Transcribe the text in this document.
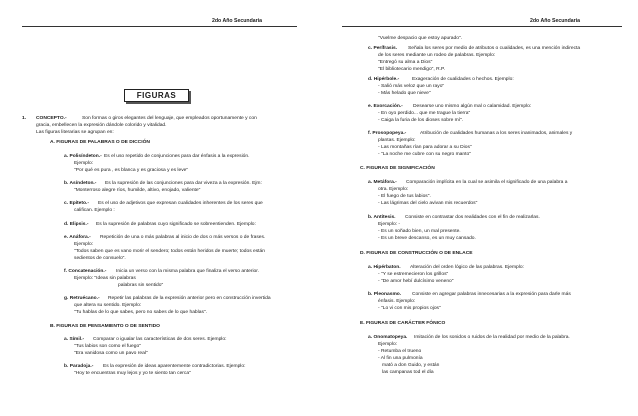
2do Año Secundaria
FIGURAS
1. CONCEPTO.-	Son formas o giros elegantes del lenguaje, que empleados oportunamente y con
gracia, embellecen la expresión dándole colorido y vitalidad.
Las figuras literarias se agrupan en:
A. FIGURAS DE PALABRAS O DE DICCIÓN
a. Polisíndeton.- Es el uso repetido de conjunciones para dar énfasis a la expresión.
Ejemplo:
"Por qué es pura , es blanca y es graciosa y es leve"
b. Asíndeton.- Es la supresión de las conjunciones para dar viveza a la expresión. Ejm:
"Monterroso alegre ríos, humilde, altivo, enojado, valiente"
c. Epíteto.- Es el uso de adjetivos que expresan cualidades inherentes de los seres que
califican. Ejemplo :
d. Elipsis.- Es la supresión de palabras cuyo significado se sobreentienden. Ejemplo:
e. Anáfora.- Repetición de una o más palabras al inicio de dos o más versos o de frases.
Ejemplo:
"Todos saben que es vano morir el sendero; todos están heridos de muerte; todos están
sedientos de consuelo".
f. Concatenación.- Inicia un verso con la misma palabra que finaliza el verso anterior.
Ejemplo: "Ideas sin palabras
palabras sin sentido"
g. Retruécano.- Repetir las palabras de la expresión anterior pero en construcción invertida
que altera su sentido. Ejemplo:
"Tu hablas de lo que sabes, pero no sabes de lo que hablas".
B. FIGURAS DE PENSAMIENTO O DE SENTIDO
a. Símil.- Comparar o igualar las características de dos seres. Ejemplo:
"Tus labios son como el fuego"
"Era vanidosa como un pavo real"
b. Paradoja.- Es la expresión de ideas aparentemente contradictorias. Ejemplo:
"Hoy te encuentras muy lejos y yo te siento tan cerca"
2do Año Secundaria
"Vuelme despacio que estoy apurado".
c. Perífrasis. Señala los seres por medio de atributos o cualidades, es una mención indirecta
de los seres mediante un rodeo de palabras. Ejemplo:
"Entregó su alma a Dios"
"El bibliotecario mendigo", R.P.
d. Hipérbole.-	Exageración de cualidades o hechos. Ejemplo:
- Salió más veloz que un rayo"
- Más helado que nieve"
e. Exorcación.- Desearse uno mismo algún mal o calamidad. Ejemplo:
- En oyo perdido... que me trague la tierra"
- Caiga la furia de los dioses sobre mí".
f. Prosopopeya.-	Atribución de cualidades humanas a los seres inanimados, animales y
plantas. Ejemplo:
- Las montañas rían para adorar a su Dios"
- "La noche me cubre con su negro manto"
C. FIGURAS DE SIGNIFICACIÓN
a. Metáfora.- Comparación implícita en la cual se asimila el significado de una palabra a
otra. Ejemplo:
- El fuego de tus labios".
- Las lágrimas del cielo avivan mis recuerdos"
b. Antítesis. Consiste en contrastar dos realidades con el fin de realizarlas.
Ejemplo: -
- Es un soñado bien, un mal presente.
- Es un breve descanso, es un muy cansado.
D. FIGURAS DE CONSTRUCCIÓN O DE ENLACE
a. Hipérbaton. Alteración del orden lógico de las palabras. Ejemplo:
- "Y se estremecieron los grillos"
- "De amor hebí dulcísimo veneno"
b. Pleonasmo. Consiste en agregar palabras innecesarias a la expresión para darle más
énfasis. Ejemplo:
- "Lo vi con mis propios ojos"
E. FIGURAS DE CARÁCTER FÓNICO
a. Onomatopeya. Imitación de los sonidos o ruidos de la realidad por medio de la palabra.
Ejemplo:
- Retumba el trueno
- Al fin una pulmonía
mató a don Guido, y están
las campanas tod el día
